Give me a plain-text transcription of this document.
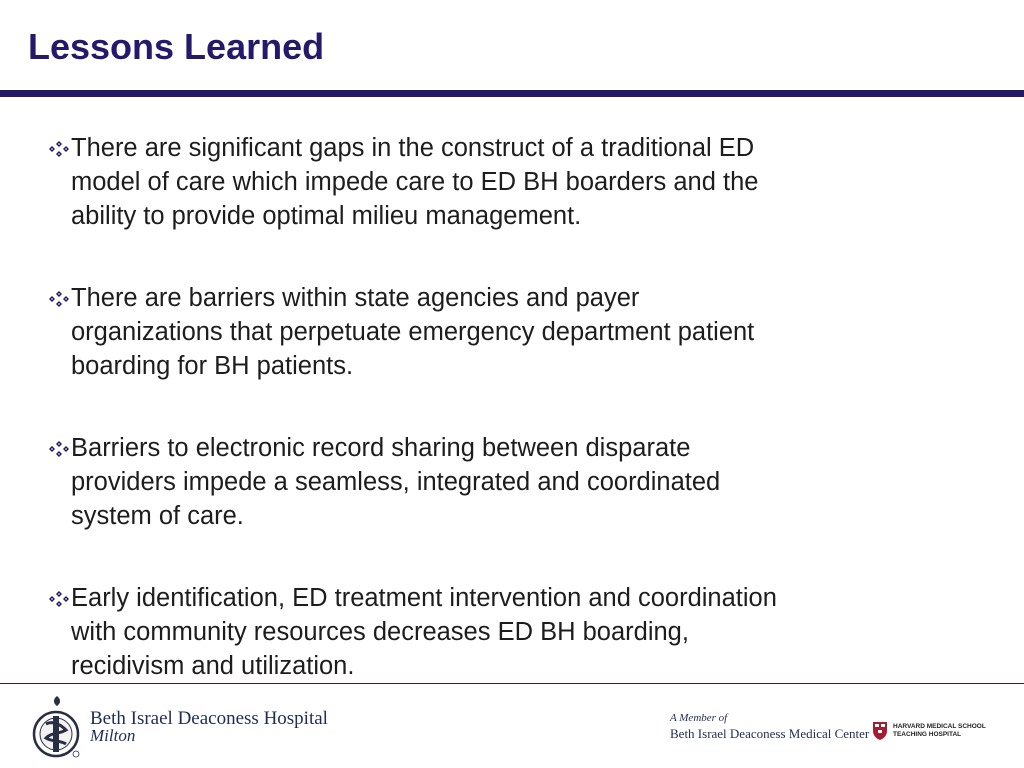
Lessons Learned
There are significant gaps in the construct of a traditional ED
model of care which impede care to ED BH boarders and the
ability to provide optimal milieu management.
There are barriers within state agencies and payer
organizations that perpetuate emergency department patient
boarding for BH patients.
Barriers to electronic record sharing between disparate
providers impede a seamless, integrated and coordinated
system of care.
Early identification, ED treatment intervention and coordination
with community resources decreases ED BH boarding,
recidivism and utilization.
Beth Israel Deaconess Hospital
Milton
A Member of
Beth Israel Deaconess Medical Center	HARVARD MEDICAL SCHOOL
TEACHING HOSPITAL
